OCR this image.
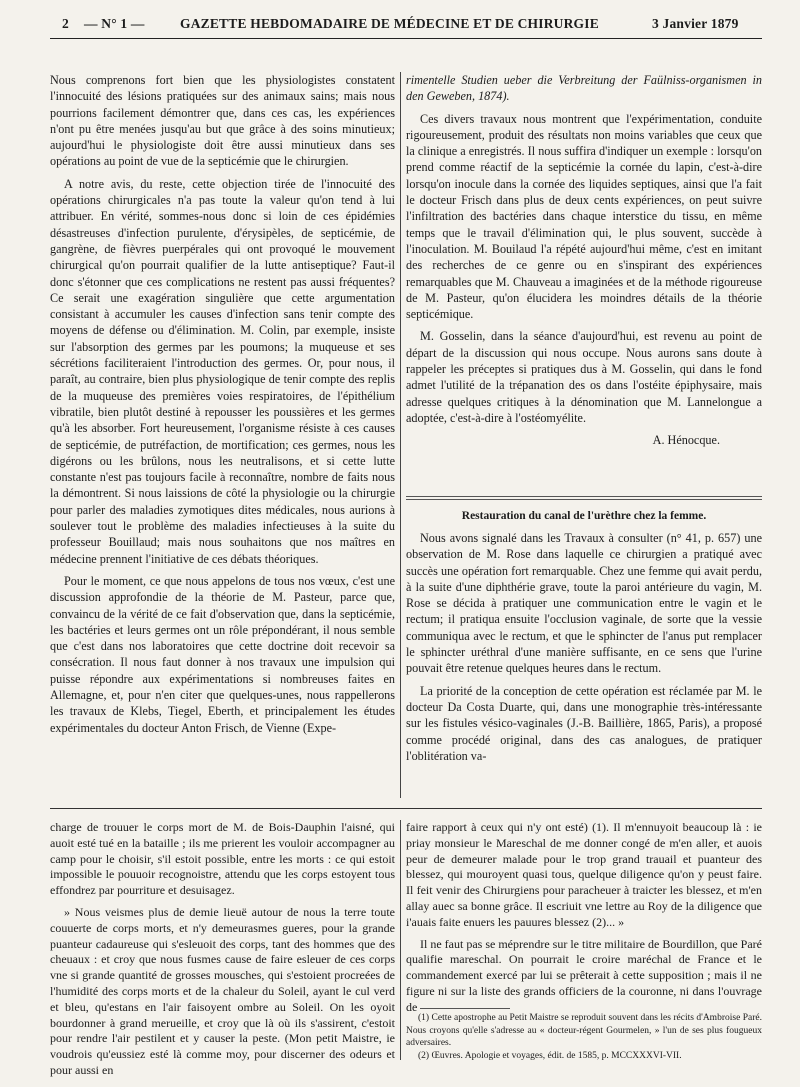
2 — N° 1 —	GAZETTE HEBDOMADAIRE DE MÉDECINE ET DE CHIRURGIE	3 Janvier 1879

Nous comprenons fort bien que les physiologistes constatent l'innocuité des lésions pratiquées sur des animaux sains; mais nous pourrions facilement démontrer que, dans ces cas, les expériences n'ont pu être menées jusqu'au but que grâce à des soins minutieux; aujourd'hui le physiologiste doit être aussi minutieux dans ses opérations au point de vue de la septicémie que le chirurgien.

A notre avis, du reste, cette objection tirée de l'innocuité des opérations chirurgicales n'a pas toute la valeur qu'on tend à lui attribuer. En vérité, sommes-nous donc si loin de ces épidémies désastreuses d'infection purulente, d'érysipèles, de septicémie, de gangrène, de fièvres puerpérales qui ont provoqué le mouvement chirurgical qu'on pourrait qualifier de la lutte antiseptique? Faut-il donc s'étonner que ces complications ne restent pas aussi fréquentes? Ce serait une exagération singulière que cette argumentation consistant à accumuler les causes d'infection sans tenir compte des moyens de défense ou d'élimination. M. Colin, par exemple, insiste sur l'absorption des germes par les poumons; la muqueuse et ses sécrétions faciliteraient l'introduction des germes. Or, pour nous, il paraît, au contraire, bien plus physiologique de tenir compte des replis de la muqueuse des premières voies respiratoires, de l'épithélium vibratile, bien plutôt destiné à repousser les poussières et les germes qu'à les absorber. Fort heureusement, l'organisme résiste à ces causes de septicémie, de putréfaction, de mortification; ces germes, nous les digérons ou les brûlons, nous les neutralisons, et si cette lutte constante n'est pas toujours facile à reconnaître, nombre de faits nous la démontrent. Si nous laissions de côté la physiologie ou la chirurgie pour parler des maladies zymotiques dites médicales, nous aurions à soulever tout le problème des maladies infectieuses à la suite du professeur Bouillaud; mais nous souhaitons que nos maîtres en médecine prennent l'initiative de ces débats théoriques.

Pour le moment, ce que nous appelons de tous nos vœux, c'est une discussion approfondie de la théorie de M. Pasteur, parce que, convaincu de la vérité de ce fait d'observation que, dans la septicémie, les bactéries et leurs germes ont un rôle prépondérant, il nous semble que c'est dans nos laboratoires que cette doctrine doit recevoir sa consécration. Il nous faut donner à nos travaux une impulsion qui puisse répondre aux expérimentations si nombreuses faites en Allemagne, et, pour n'en citer que quelques-unes, nous rappellerons les travaux de Klebs, Tiegel, Eberth, et principalement les études expérimentales du docteur Anton Frisch, de Vienne (Expe-

rimentelle Studien ueber die Verbreitung der Faülniss-organismen in den Geweben, 1874).

Ces divers travaux nous montrent que l'expérimentation, conduite rigoureusement, produit des résultats non moins variables que ceux que la clinique a enregistrés. Il nous suffira d'indiquer un exemple : lorsqu'on prend comme réactif de la septicémie la cornée du lapin, c'est-à-dire lorsqu'on inocule dans la cornée des liquides septiques, ainsi que l'a fait le docteur Frisch dans plus de deux cents expériences, on peut suivre l'infiltration des bactéries dans chaque interstice du tissu, en même temps que le travail d'élimination qui, le plus souvent, succède à l'inoculation. M. Bouilaud l'a répété aujourd'hui même, c'est en imitant des recherches de ce genre ou en s'inspirant des expériences remarquables que M. Chauveau a imaginées et de la méthode rigoureuse de M. Pasteur, qu'on élucidera les moindres détails de la théorie septicémique.

M. Gosselin, dans la séance d'aujourd'hui, est revenu au point de départ de la discussion qui nous occupe. Nous aurons sans doute à rappeler les préceptes si pratiques dus à M. Gosselin, qui dans le fond admet l'utilité de la trépanation des os dans l'ostéite épiphysaire, mais adresse quelques critiques à la dénomination que M. Lannelongue a adoptée, c'est-à-dire à l'ostéomyélite.

A. Hénocque.

Restauration du canal de l'urèthre chez la femme.

Nous avons signalé dans les Travaux à consulter (n° 41, p. 657) une observation de M. Rose dans laquelle ce chirurgien a pratiqué avec succès une opération fort remarquable. Chez une femme qui avait perdu, à la suite d'une diphthérie grave, toute la paroi antérieure du vagin, M. Rose se décida à pratiquer une communication entre le vagin et le rectum; il pratiqua ensuite l'occlusion vaginale, de sorte que la vessie communiqua avec le rectum, et que le sphincter de l'anus put remplacer le sphincter uréthral d'une manière suffisante, en ce sens que l'urine pouvait être retenue quelques heures dans le rectum.

La priorité de la conception de cette opération est réclamée par M. le docteur Da Costa Duarte, qui, dans une monographie très-intéressante sur les fistules vésico-vaginales (J.-B. Baillière, 1865, Paris), a proposé comme procédé original, dans des cas analogues, de pratiquer l'oblitération va-

charge de trouuer le corps mort de M. de Bois-Dauphin l'aisné, qui auoit esté tué en la bataille ; ils me prierent les vouloir accompagner au camp pour le choisir, s'il estoit possible, entre les morts : ce qui estoit impossible le pouuoir recognoistre, attendu que les corps estoyent tous effondrez par pourriture et desuisagez.

» Nous veismes plus de demie lieuë autour de nous la terre toute couuerte de corps morts, et n'y demeurasmes gueres, pour la grande puanteur cadaureuse qui s'esleuoit des corps, tant des hommes que des cheuaux : et croy que nous fusmes cause de faire esleuer de ces corps vne si grande quantité de grosses mousches, qui s'estoient procreées de l'humidité des corps morts et de la chaleur du Soleil, ayant le cul verd et bleu, qu'estans en l'air faisoyent ombre au Soleil. On les oyoit bourdonner à grand merueille, et croy que là où ils s'assirent, c'estoit pour rendre l'air pestilent et y causer la peste. (Mon petit Maistre, ie voudrois qu'eussiez esté là comme moy, pour discerner des odeurs et pour aussi en

faire rapport à ceux qui n'y ont esté) (1). Il m'ennuyoit beaucoup là : ie priay monsieur le Mareschal de me donner congé de m'en aller, et auois peur de demeurer malade pour le trop grand trauail et puanteur des blessez, qui mouroyent quasi tous, quelque diligence qu'on y peust faire. Il feit venir des Chirurgiens pour paracheuer à traicter les blessez, et m'en allay auec sa bonne grâce. Il escriuit vne lettre au Roy de la diligence que i'auais faite enuers les pauures blessez (2)... »

Il ne faut pas se méprendre sur le titre militaire de Bourdillon, que Paré qualifie mareschal. On pourrait le croire maréchal de France et le commandement exercé par lui se prêterait à cette supposition ; mais il ne figure ni sur la liste des grands officiers de la couronne, ni dans l'ouvrage de

(1) Cette apostrophe au Petit Maistre se reproduit souvent dans les récits d'Ambroise Paré. Nous croyons qu'elle s'adresse au « docteur-régent Gourmelen, » l'un de ses plus fougueux adversaires.

(2) Œuvres. Apologie et voyages, édit. de 1585, p. MCCXXXVI-VII.
